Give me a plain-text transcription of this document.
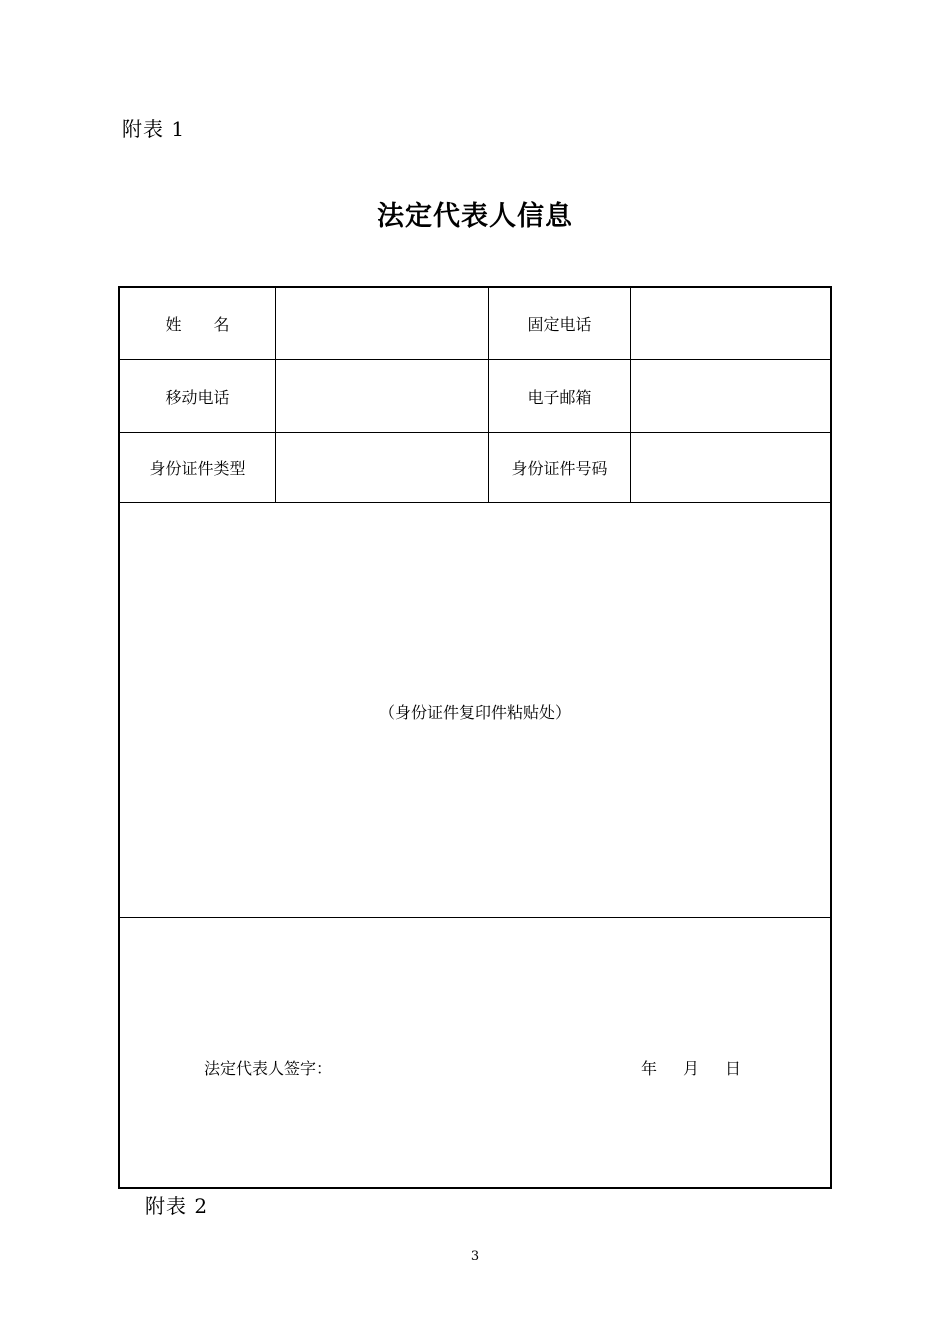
附表 1
法定代表人信息
姓　　名	固定电话
移动电话	电子邮箱
身份证件类型	身份证件号码
（身份证件复印件粘贴处）
法定代表人签字：	年 月 日
附表 2
3
